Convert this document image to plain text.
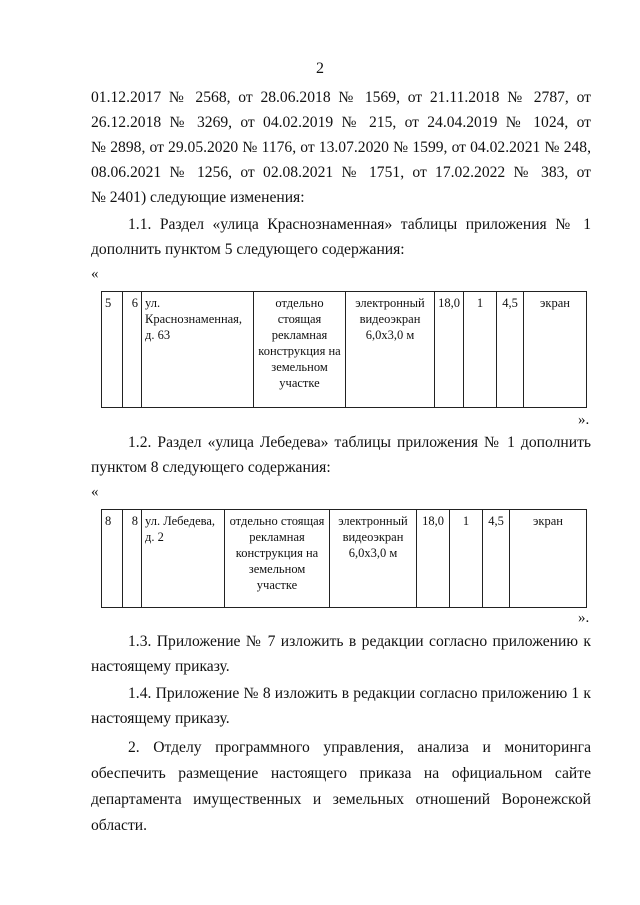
2
01.12.2017 № 2568, от 28.06.2018 № 1569, от 21.11.2018 № 2787, от
26.12.2018 № 3269, от 04.02.2019 № 215, от 24.04.2019 № 1024, от
№ 2898, от 29.05.2020 № 1176, от 13.07.2020 № 1599, от 04.02.2021 № 248,
08.06.2021 № 1256, от 02.08.2021 № 1751, от 17.02.2022 № 383, от
№ 2401) следующие изменения:
1.1. Раздел «улица Краснознаменная» таблицы приложения № 1
дополнить пунктом 5 следующего содержания:
«
5	6	ул. Краснознаменная, д. 63	отдельно стоящая рекламная конструкция на земельном участке	электронный видеоэкран 6,0х3,0 м	18,0	1	4,5	экран
».
1.2. Раздел «улица Лебедева» таблицы приложения № 1 дополнить
пунктом 8 следующего содержания:
«
8	8	ул. Лебедева, д. 2	отдельно стоящая рекламная конструкция на земельном участке	электронный видеоэкран 6,0х3,0 м	18,0	1	4,5	экран
».
1.3. Приложение № 7 изложить в редакции согласно приложению к
настоящему приказу.
1.4. Приложение № 8 изложить в редакции согласно приложению 1 к
настоящему приказу.
2. Отделу программного управления, анализа и мониторинга
обеспечить размещение настоящего приказа на официальном сайте
департамента имущественных и земельных отношений Воронежской
области.
